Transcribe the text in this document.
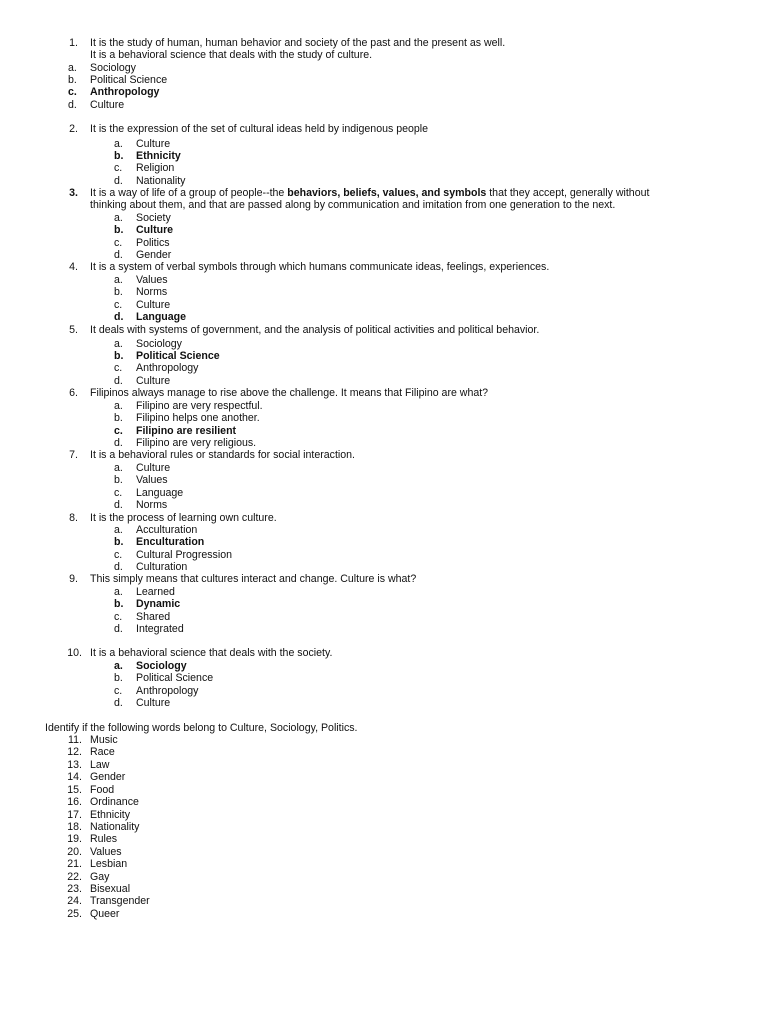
1. It is the study of human, human behavior and society of the past and the present as well.
It is a behavioral science that deals with the study of culture.
a. Sociology
b. Political Science
c. Anthropology
d. Culture
2. It is the expression of the set of cultural ideas held by indigenous people
a. Culture
b. Ethnicity
c. Religion
d. Nationality
3. It is a way of life of a group of people--the behaviors, beliefs, values, and symbols that they accept, generally without
thinking about them, and that are passed along by communication and imitation from one generation to the next.
a. Society
b. Culture
c. Politics
d. Gender
4. It is a system of verbal symbols through which humans communicate ideas, feelings, experiences.
a. Values
b. Norms
c. Culture
d. Language
5. It deals with systems of government, and the analysis of political activities and political behavior.
a. Sociology
b. Political Science
c. Anthropology
d. Culture
6. Filipinos always manage to rise above the challenge. It means that Filipino are what?
a. Filipino are very respectful.
b. Filipino helps one another.
c. Filipino are resilient
d. Filipino are very religious.
7. It is a behavioral rules or standards for social interaction.
a. Culture
b. Values
c. Language
d. Norms
8. It is the process of learning own culture.
a. Acculturation
b. Enculturation
c. Cultural Progression
d. Culturation
9. This simply means that cultures interact and change. Culture is what?
a. Learned
b. Dynamic
c. Shared
d. Integrated
10. It is a behavioral science that deals with the society.
a. Sociology
b. Political Science
c. Anthropology
d. Culture
Identify if the following words belong to Culture, Sociology, Politics.
11. Music
12. Race
13. Law
14. Gender
15. Food
16. Ordinance
17. Ethnicity
18. Nationality
19. Rules
20. Values
21. Lesbian
22. Gay
23. Bisexual
24. Transgender
25. Queer
